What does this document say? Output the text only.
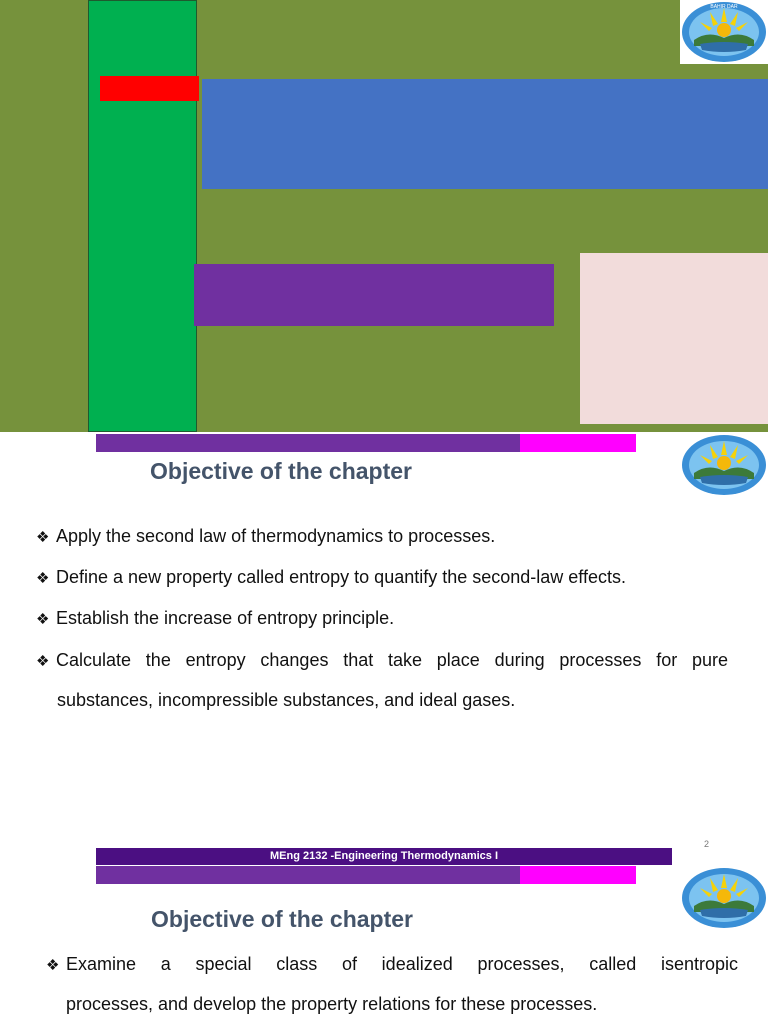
BAHIR DAR
Objective of the chapter
❖ Apply the second law of thermodynamics to processes.
❖ Define a new property called entropy to quantify the second-law effects.
❖ Establish the increase of entropy principle.
❖ Calculate the entropy changes that take place during processes for pure
substances, incompressible substances, and ideal gases.
2
MEng 2132 -Engineering Thermodynamics I
Objective of the chapter
❖ Examine a special class of idealized processes, called isentropic
processes, and develop the property relations for these processes.
